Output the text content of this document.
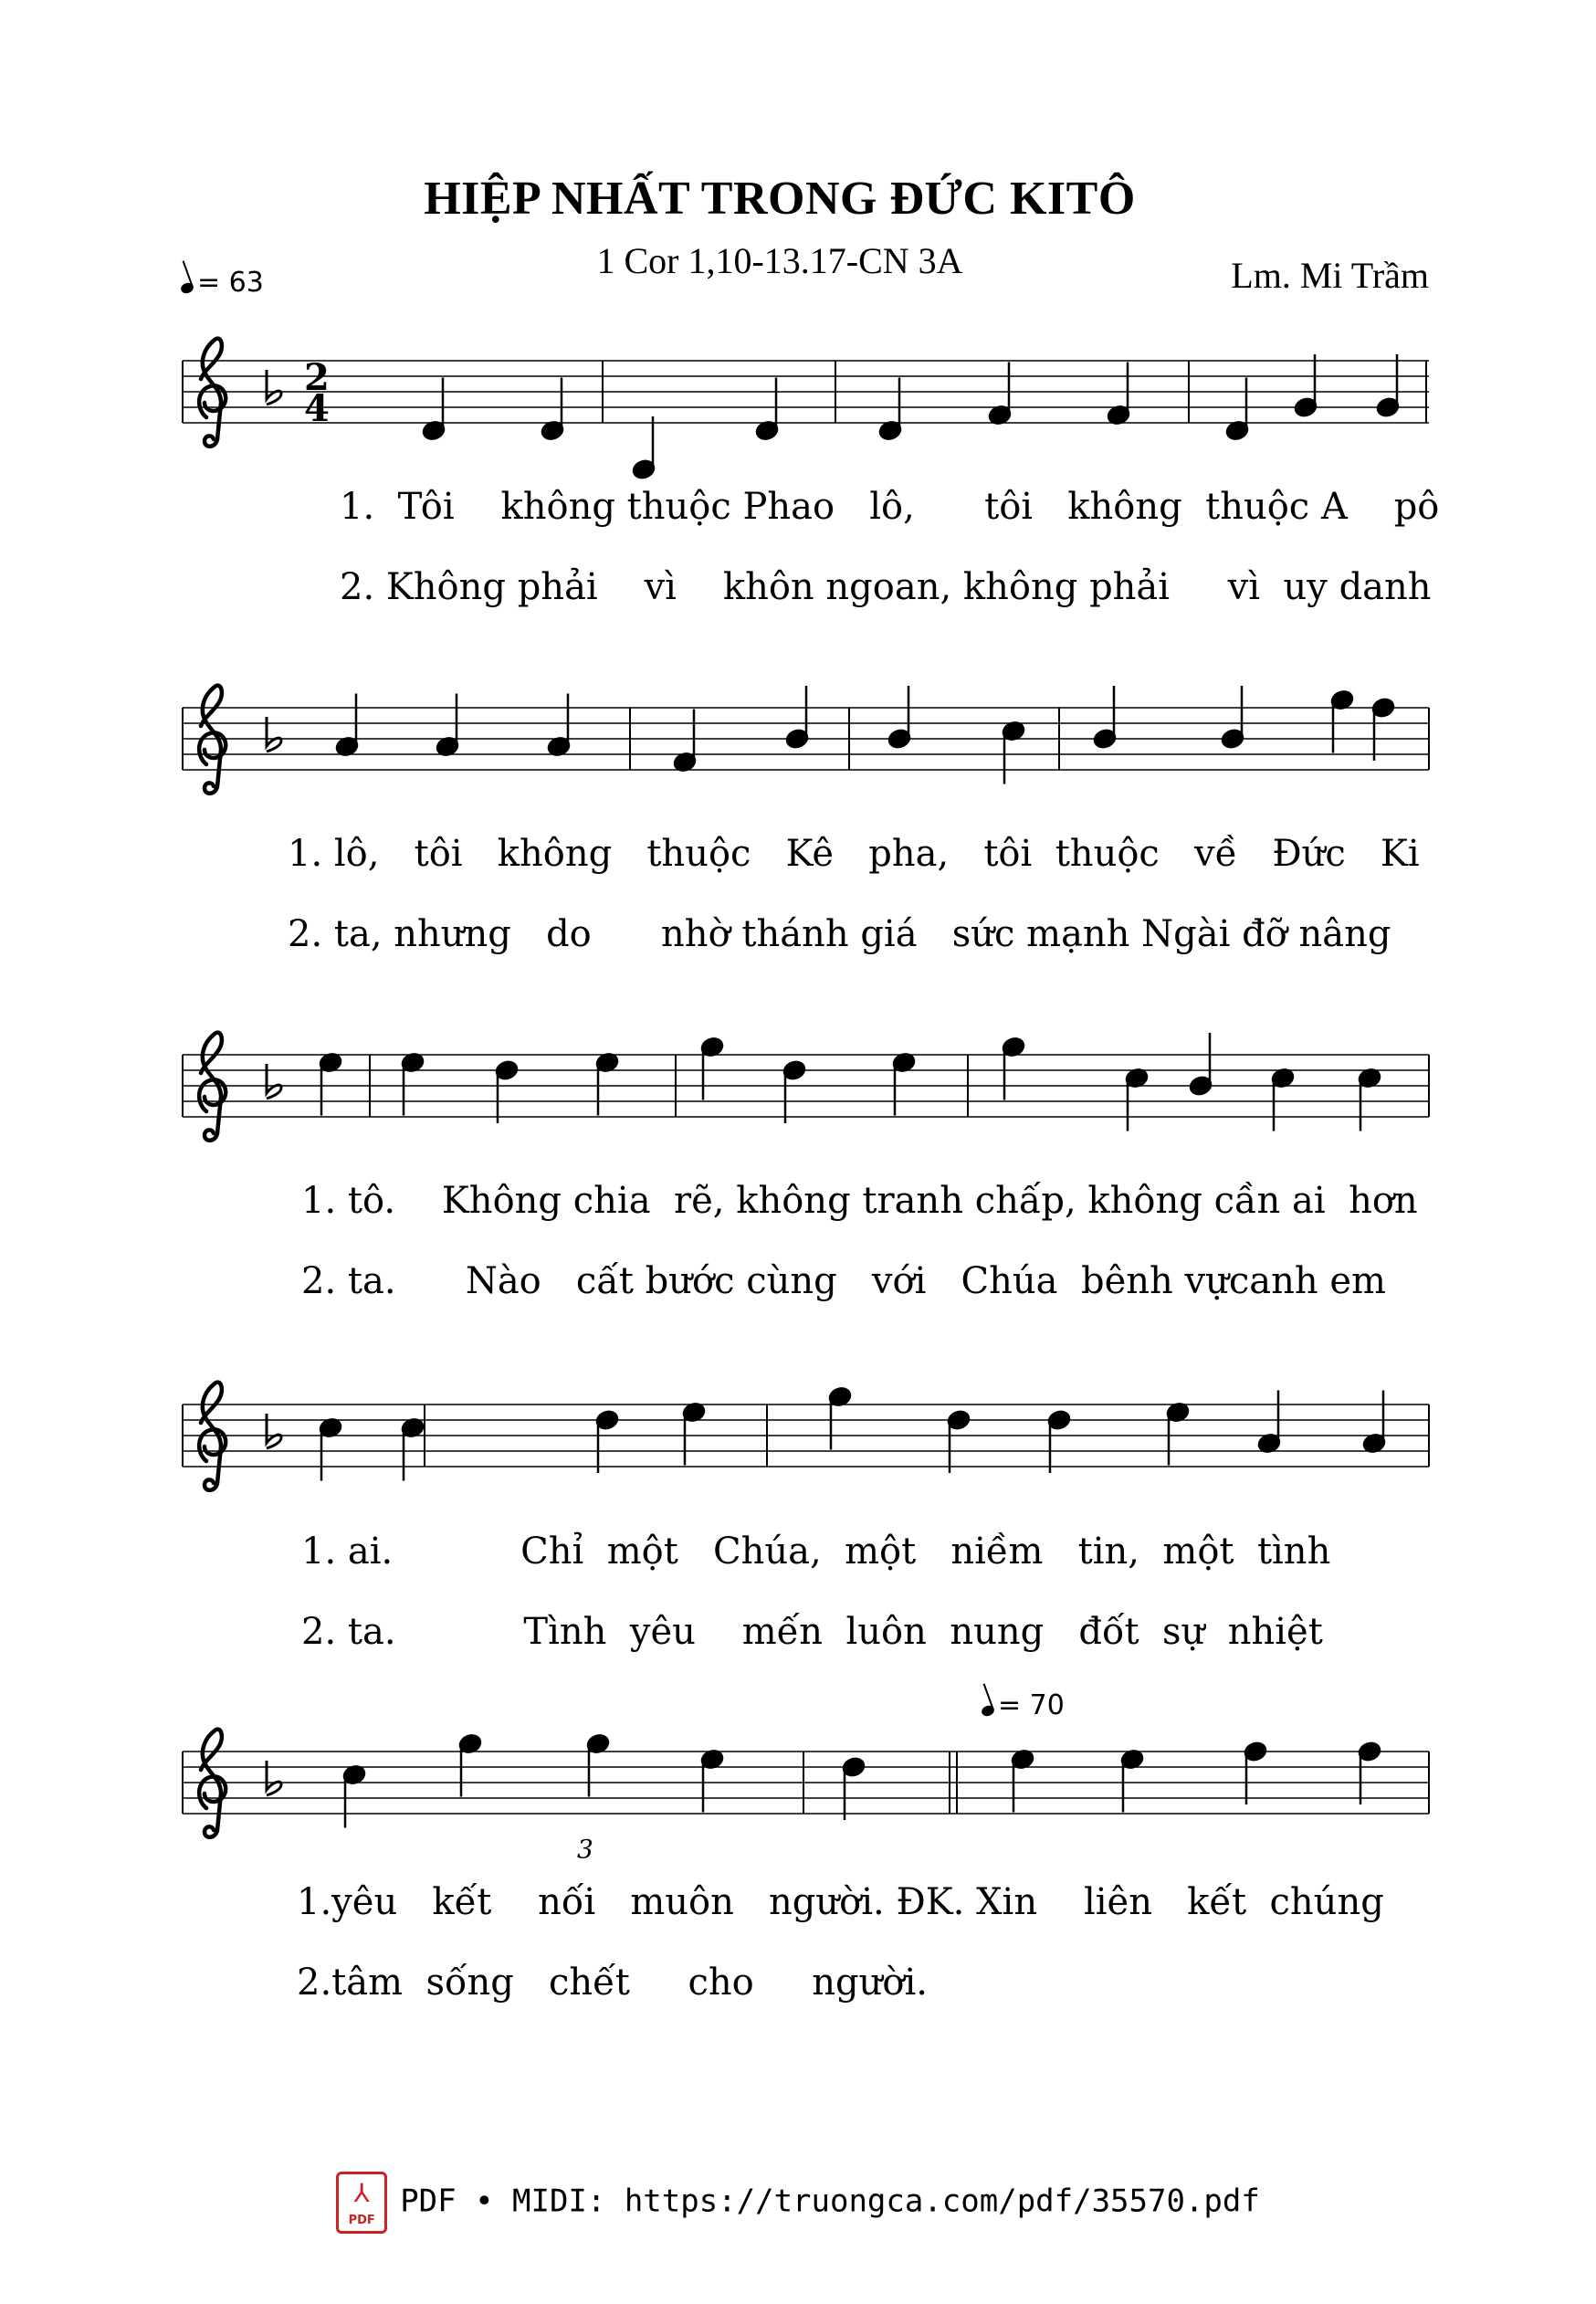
HIỆP NHẤT TRONG ĐỨC KITÔ
1 Cor 1,10-13.17-CN 3A	Lm. Mi Trầm
= 63
= 70
2
4
3
1. Tôi không thuộc Phao lô, tôi không thuộc A pô
2. Không phải vì khôn ngoan, không phải vì uy danh
1. lô, tôi không thuộc Kê pha, tôi thuộc về Đức Ki
2. ta, nhưng do nhờ thánh giá sức mạnh Ngài đỡ nâng
1. tô. Không chia rẽ, không tranh chấp, không cần ai hơn
2. ta. Nào cất bước cùng với Chúa bênh vựcanh em
1. ai.	Chỉ một Chúa, một niềm tin, một tình
2. ta.	Tình yêu mến luôn nung đốt sự nhiệt
1.yêu kết nối muôn người. ĐK. Xin liên kết chúng
2.tâm sống chết cho người.
⅄
PDF
PDF • MIDI: https://truongca.com/pdf/35570.pdf
